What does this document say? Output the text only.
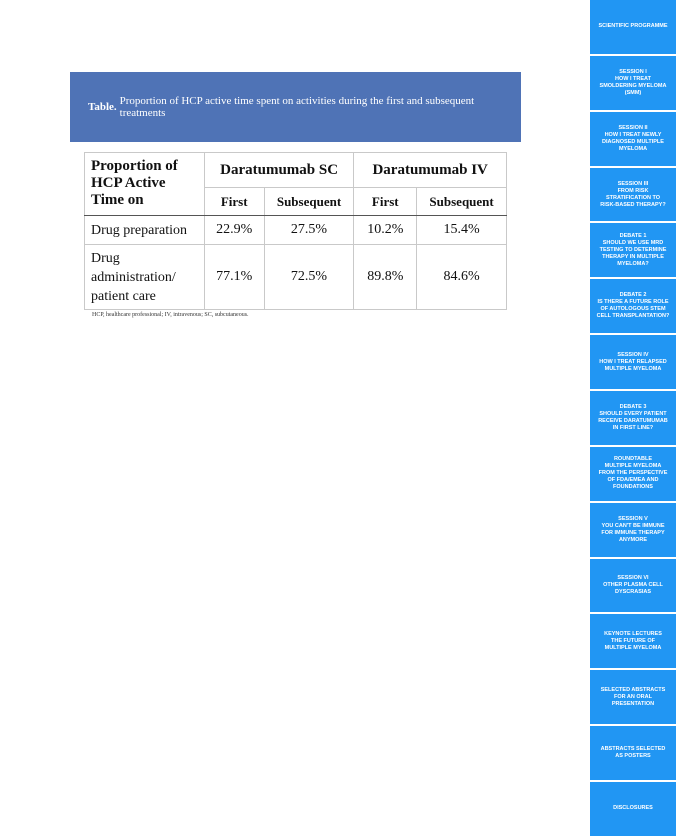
Table. Proportion of HCP active time spent on activities during the first and subsequent treatments
Proportion of HCP Active Time on	Daratumumab SC		Daratumumab IV	
	First	Subsequent	First	Subsequent
Drug preparation	22.9%	27.5%	10.2%	15.4%
Drug administration/ patient care	77.1%	72.5%	89.8%	84.6%
HCP, healthcare professional; IV, intravenous; SC, subcutaneous.
SCIENTIFIC PROGRAMME
SESSION I
HOW I TREAT
SMOLDERING MYELOMA
(SMM)
SESSION II
HOW I TREAT NEWLY
DIAGNOSED MULTIPLE
MYELOMA
SESSION III
FROM RISK
STRATIFICATION TO
RISK-BASED THERAPY?
DEBATE 1
SHOULD WE USE MRD
TESTING TO DETERMINE
THERAPY IN MULTIPLE
MYELOMA?
DEBATE 2
IS THERE A FUTURE ROLE
OF AUTOLOGOUS STEM
CELL TRANSPLANTATION?
SESSION IV
HOW I TREAT RELAPSED
MULTIPLE MYELOMA
DEBATE 3
SHOULD EVERY PATIENT
RECEIVE DARATUMUMAB
IN FIRST LINE?
ROUNDTABLE
MULTIPLE MYELOMA
FROM THE PERSPECTIVE
OF FDA/EMEA AND
FOUNDATIONS
SESSION V
YOU CAN'T BE IMMUNE
FOR IMMUNE THERAPY
ANYMORE
SESSION VI
OTHER PLASMA CELL
DYSCRASIAS
KEYNOTE LECTURES
THE FUTURE OF
MULTIPLE MYELOMA
SELECTED ABSTRACTS
FOR AN ORAL
PRESENTATION
ABSTRACTS SELECTED
AS POSTERS
DISCLOSURES
